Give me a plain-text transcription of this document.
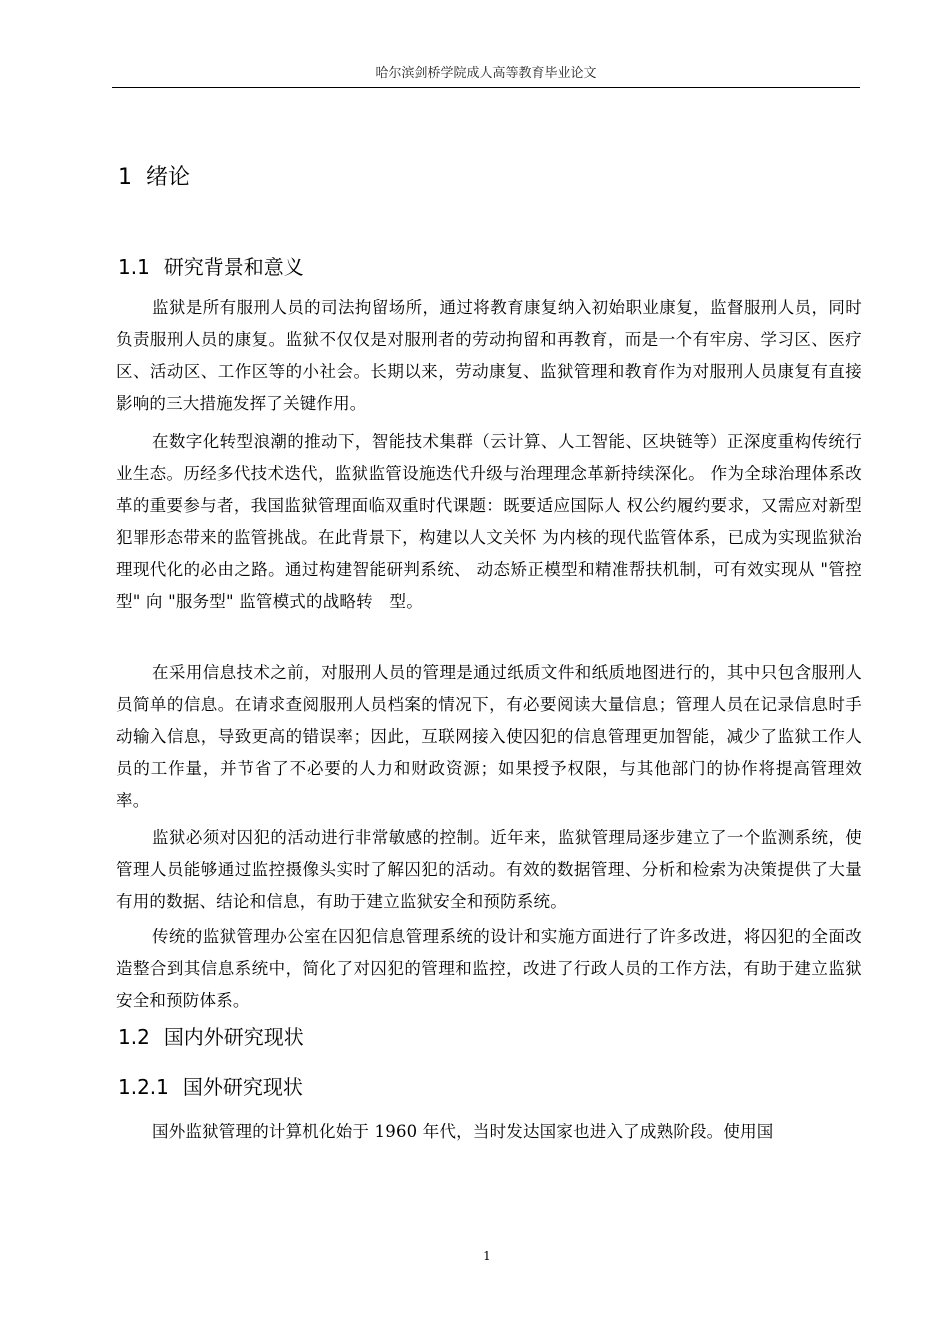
哈尔滨剑桥学院成人高等教育毕业论文
1 绪论
1.1 研究背景和意义

监狱是所有服刑人员的司法拘留场所，通过将教育康复纳入初始职业康复，监督服刑人员，同时负责服刑人员的康复。监狱不仅仅是对服刑者的劳动拘留和再教育，而是一个有牢房、学习区、医疗区、活动区、工作区等的小社会。长期以来，劳动康复、监狱管理和教育作为对服刑人员康复有直接影响的三大措施发挥了关键作用。

在数字化转型浪潮的推动下，智能技术集群（云计算、人工智能、区块链等）正深度重构传统行业生态。历经多代技术迭代，监狱监管设施迭代升级与治理理念革新持续深化。 作为全球治理体系改革的重要参与者，我国监狱管理面临双重时代课题：既要适应国际人 权公约履约要求，又需应对新型犯罪形态带来的监管挑战。在此背景下，构建以人文关怀 为内核的现代监管体系，已成为实现监狱治理现代化的必由之路。通过构建智能研判系统、 动态矫正模型和精准帮扶机制，可有效实现从 "管控型" 向 "服务型" 监管模式的战略转　型。

在采用信息技术之前，对服刑人员的管理是通过纸质文件和纸质地图进行的，其中只包含服刑人员简单的信息。在请求查阅服刑人员档案的情况下，有必要阅读大量信息；管理人员在记录信息时手动输入信息，导致更高的错误率；因此，互联网接入使囚犯的信息管理更加智能，减少了监狱工作人员的工作量，并节省了不必要的人力和财政资源；如果授予权限，与其他部门的协作将提高管理效率。

监狱必须对囚犯的活动进行非常敏感的控制。近年来，监狱管理局逐步建立了一个监测系统，使管理人员能够通过监控摄像头实时了解囚犯的活动。有效的数据管理、分析和检索为决策提供了大量有用的数据、结论和信息，有助于建立监狱安全和预防系统。

传统的监狱管理办公室在囚犯信息管理系统的设计和实施方面进行了许多改进，将囚犯的全面改造整合到其信息系统中，简化了对囚犯的管理和监控，改进了行政人员的工作方法，有助于建立监狱安全和预防体系。

1.2 国内外研究现状
1.2.1 国外研究现状

国外监狱管理的计算机化始于 1960 年代，当时发达国家也进入了成熟阶段。使用国

1
